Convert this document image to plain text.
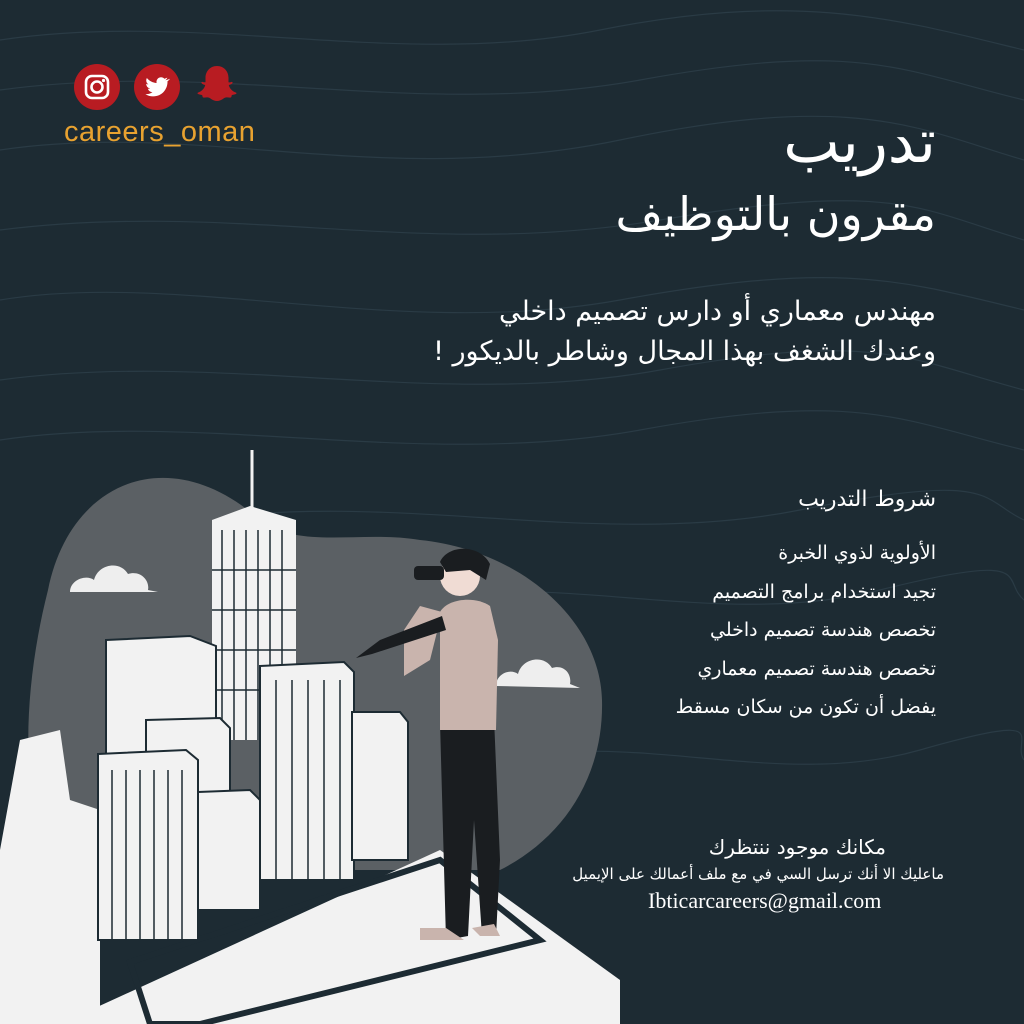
careers_oman	تدريب
مقرون بالتوظيف

مهندس معماري أو دارس تصميم داخلي

وعندك الشغف بهذا المجال وشاطر بالديكور !

شروط التدريب
الأولوية لذوي الخبرة
تجيد استخدام برامج التصميم
تخصص هندسة تصميم داخلي
تخصص هندسة تصميم معماري
يفضل أن تكون من سكان مسقط
مكانك موجود ننتظرك
ماعليك الا أنك ترسل السي في مع ملف أعمالك على الإيميل
Ibticarcareers@gmail.com
